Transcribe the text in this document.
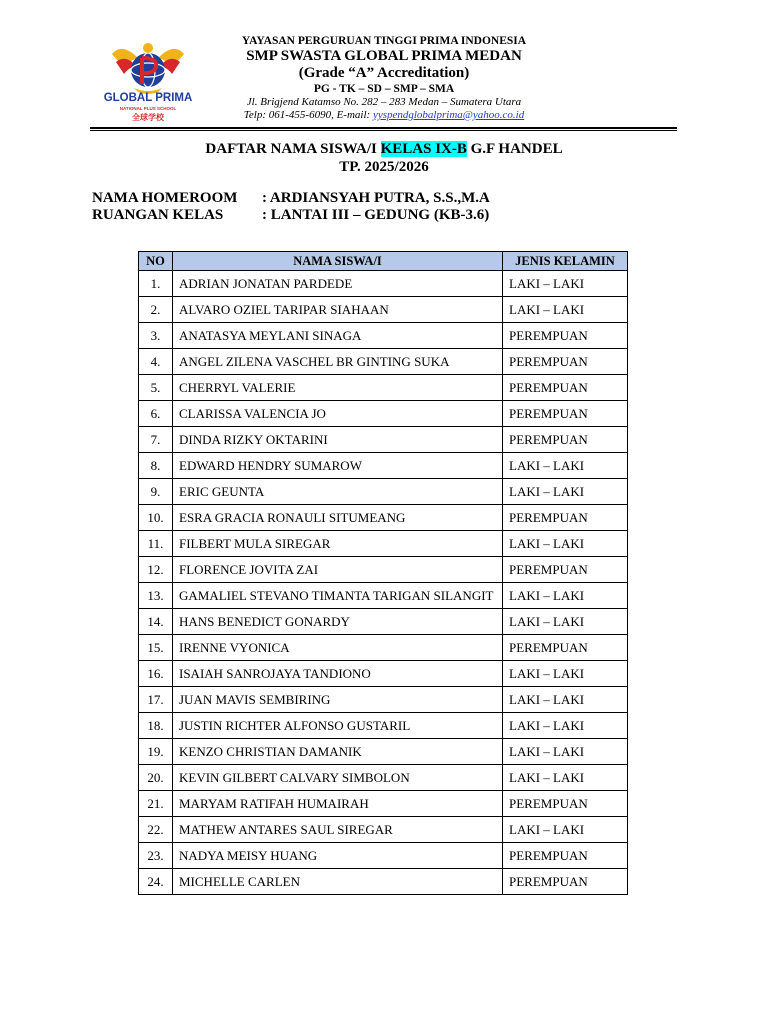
GLOBAL PRIMA
NATIONAL PLUS SCHOOL
全球学校
YAYASAN PERGURUAN TINGGI PRIMA INDONESIA
SMP SWASTA GLOBAL PRIMA MEDAN
(Grade “A” Accreditation)
PG - TK – SD – SMP – SMA
Jl. Brigjend Katamso No. 282 – 283 Medan – Sumatera Utara
Telp: 061-455-6090, E-mail: yyspendglobalprima@yahoo.co.id
DAFTAR NAMA SISWA/I KELAS IX-B G.F HANDEL
TP. 2025/2026
NAMA HOMEROOM : ARDIANSYAH PUTRA, S.S.,M.A
RUANGAN KELAS	: LANTAI III – GEDUNG (KB-3.6)
NO	NAMA SISWA/I	JENIS KELAMIN
1.	ADRIAN JONATAN PARDEDE	LAKI – LAKI
2.	ALVARO OZIEL TARIPAR SIAHAAN	LAKI – LAKI
3.	ANATASYA MEYLANI SINAGA	PEREMPUAN
4.	ANGEL ZILENA VASCHEL BR GINTING SUKA	PEREMPUAN
5.	CHERRYL VALERIE	PEREMPUAN
6.	CLARISSA VALENCIA JO	PEREMPUAN
7.	DINDA RIZKY OKTARINI	PEREMPUAN
8.	EDWARD HENDRY SUMAROW	LAKI – LAKI
9.	ERIC GEUNTA	LAKI – LAKI
10.	ESRA GRACIA RONAULI SITUMEANG	PEREMPUAN
11.	FILBERT MULA SIREGAR	LAKI – LAKI
12.	FLORENCE JOVITA ZAI	PEREMPUAN
13.	GAMALIEL STEVANO TIMANTA TARIGAN SILANGIT	LAKI – LAKI
14.	HANS BENEDICT GONARDY	LAKI – LAKI
15.	IRENNE VYONICA	PEREMPUAN
16.	ISAIAH SANROJAYA TANDIONO	LAKI – LAKI
17.	JUAN MAVIS SEMBIRING	LAKI – LAKI
18.	JUSTIN RICHTER ALFONSO GUSTARIL	LAKI – LAKI
19.	KENZO CHRISTIAN DAMANIK	LAKI – LAKI
20.	KEVIN GILBERT CALVARY SIMBOLON	LAKI – LAKI
21.	MARYAM RATIFAH HUMAIRAH	PEREMPUAN
22.	MATHEW ANTARES SAUL SIREGAR	LAKI – LAKI
23.	NADYA MEISY HUANG	PEREMPUAN
24.	MICHELLE CARLEN	PEREMPUAN
